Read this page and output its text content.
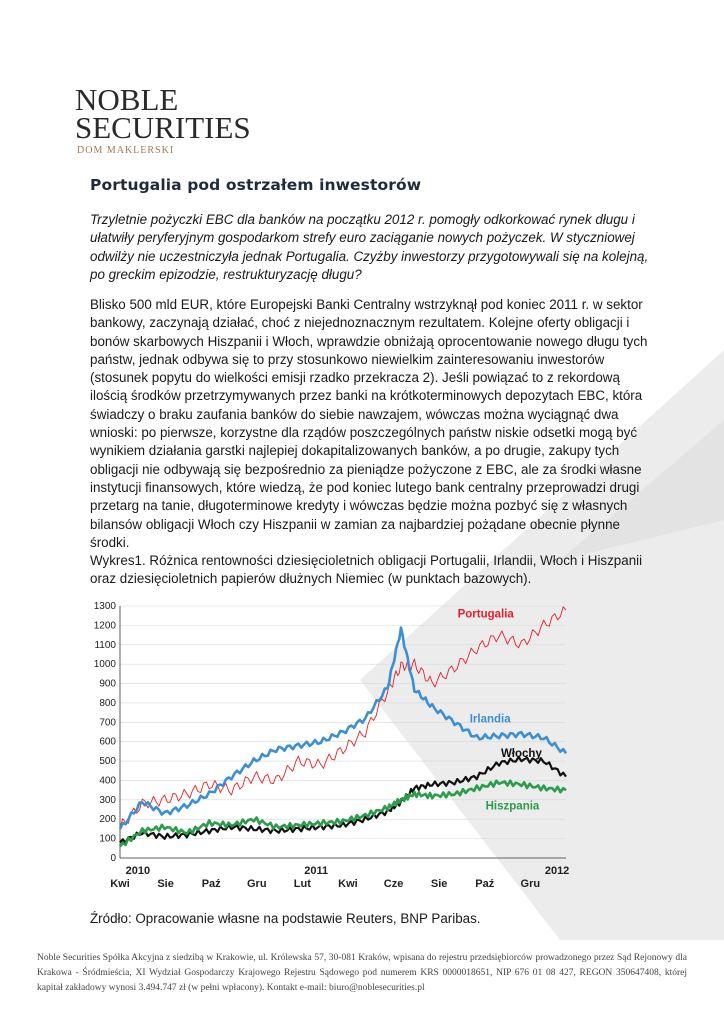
NOBLE
SECURITIES
DOM MAKLERSKI
Portugalia pod ostrzałem inwestorów
Trzyletnie pożyczki EBC dla banków na początku 2012 r. pomogły odkorkować rynek długu i ułatwiły peryferyjnym gospodarkom strefy euro zaciąganie nowych pożyczek. W styczniowej odwilży nie uczestniczyła jednak Portugalia. Czyżby inwestorzy przygotowywali się na kolejną, po greckim epizodzie, restrukturyzację długu?
Blisko 500 mld EUR, które Europejski Banki Centralny wstrzyknął pod koniec 2011 r. w sektor bankowy, zaczynają działać, choć z niejednoznacznym rezultatem. Kolejne oferty obligacji i bonów skarbowych Hiszpanii i Włoch, wprawdzie obniżają oprocentowanie nowego długu tych państw, jednak odbywa się to przy stosunkowo niewielkim zainteresowaniu inwestorów (stosunek popytu do wielkości emisji rzadko przekracza 2). Jeśli powiązać to z rekordową ilością środków przetrzymywanych przez banki na krótkoterminowych depozytach EBC, która świadczy o braku zaufania banków do siebie nawzajem, wówczas można wyciągnąć dwa wnioski: po pierwsze, korzystne dla rządów poszczególnych państw niskie odsetki mogą być wynikiem działania garstki najlepiej dokapitalizowanych banków, a po drugie, zakupy tych obligacji nie odbywają się bezpośrednio za pieniądze pożyczone z EBC, ale za środki własne instytucji finansowych, które wiedzą, że pod koniec lutego bank centralny przeprowadzi drugi przetarg na tanie, długoterminowe kredyty i wówczas będzie można pozbyć się z własnych bilansów obligacji Włoch czy Hiszpanii w zamian za najbardziej pożądane obecnie płynne środki.
Wykres1. Różnica rentowności dziesięcioletnich obligacji Portugalii, Irlandii, Włoch i Hiszpanii oraz dziesięcioletnich papierów dłużnych Niemiec (w punktach bazowych).
0
100
200
300
400
500
600
700
800
900
1000
1100
1200
1300
Kwi	Sie	Paź Gru Lut Kwi Cze	Sie	Paź Gru
2010	2011	2012
Portugalia
Irlandia
Włochy
Hiszpania
Źródło: Opracowanie własne na podstawie Reuters, BNP Paribas.
Noble Securities Spółka Akcyjna z siedzibą w Krakowie, ul. Królewska 57, 30-081 Kraków, wpisana do rejestru przedsiębiorców prowadzonego przez Sąd Rejonowy dla Krakowa - Śródmieścia, XI Wydział Gospodarczy Krajowego Rejestru Sądowego pod numerem KRS 0000018651, NIP 676 01 08 427, REGON 350647408, której kapitał zakładowy wynosi 3.494.747 zł (w pełni wpłacony). Kontakt e-mail: biuro@noblesecurities.pl
